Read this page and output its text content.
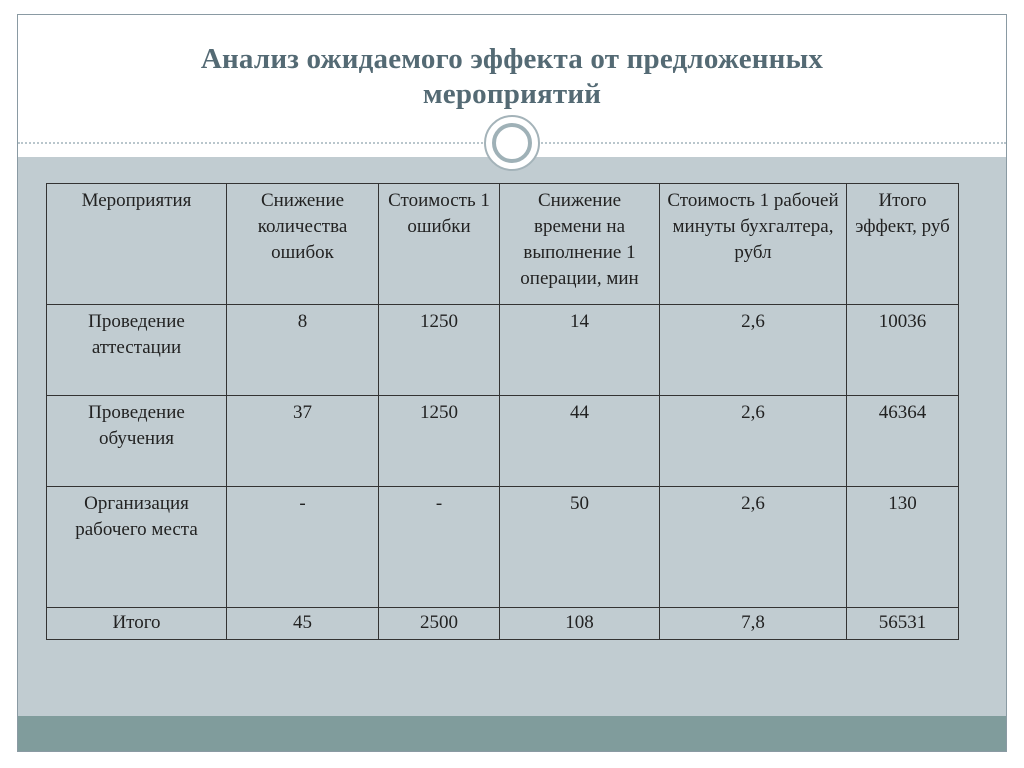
Анализ ожидаемого эффекта от предложенных
мероприятий
Мероприятия	Снижение количества ошибок	Стоимость 1 ошибки	Снижение времени на выполнение 1 операции, мин	Стоимость 1 рабочей минуты бухгалтера, рубл	Итого эффект, руб
Проведение аттестации	8	1250	14	2,6	10036
Проведение обучения	37	1250	44	2,6	46364
Организация рабочего места	-	-	50	2,6	130
Итого	45	2500	108	7,8	56531
